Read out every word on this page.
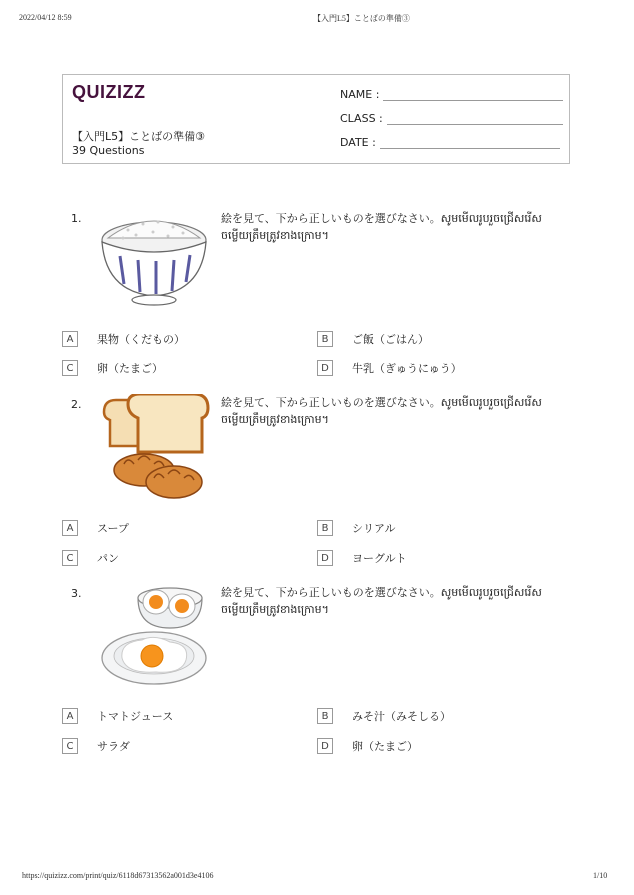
2022/04/12 8:59	【入門L5】ことばの準備③
QUIZIZZ
【入門L5】ことばの準備③
39 Questions
NAME :
CLASS :
DATE :
1.	絵を見て、下から正しいものを選びなさい。សូមមើលរូបរួចជ្រើសរើសចម្លើយត្រឹមត្រូវខាងក្រោម។
A	果物（くだもの）	B	ご飯（ごはん）
C	卵（たまご）	D	牛乳（ぎゅうにゅう）
2.	絵を見て、下から正しいものを選びなさい。សូមមើលរូបរួចជ្រើសរើសចម្លើយត្រឹមត្រូវខាងក្រោម។
A	スープ	B	シリアル
C	パン	D	ヨーグルト
3.	絵を見て、下から正しいものを選びなさい。សូមមើលរូបរួចជ្រើសរើសចម្លើយត្រឹមត្រូវខាងក្រោម។
A	トマトジュース	B	みそ汁（みそしる）
C	サラダ	D	卵（たまご）
https://quizizz.com/print/quiz/6118d67313562a001d3e4106	1/10
